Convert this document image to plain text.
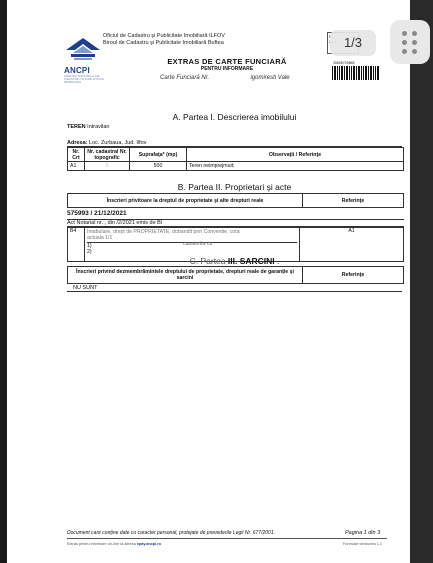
ANCPI
AGENTIA NATIONALA DE CADASTRU SI PUBLICITATE IMOBILIARA
Oficiul de Cadastru şi Publicitate Imobiliară ILFOV
Biroul de Cadastru şi Publicitate Imobiliară Buftea
EXTRAS DE CARTE FUNCIARĂ
PENTRU INFORMARE
Carte Funciară Nr.	igomiresti Vale
30695729565
A. Partea I. Descrierea imobilului
TEREN Intravilan
Adresa: Loc. Zurbaua, Jud. Ilfov
Nr. Crt	Nr. cadastral Nr. topografic	Suprafaţa* (mp)	Observaţii / Referinţe
A1	5	500	Teren neimprejmuit;
B. Partea II. Proprietari şi acte
Înscrieri privitoare la dreptul de proprietate şi alte drepturi reale	Referinţe
575993 / 21/12/2021
Act Notarial nr. , din /2/2021 emis de Bl
B4	Intabulare, drept de PROPRIETATE, dobandit prin Conventie, cota
actuala 1/1
1)
2)
casatorita cu
	A1
C. Partea III. SARCINI .
Înscrieri privind dezmembrămintele dreptului de proprietate, drepturi reale de garanţie şi sarcini	Referinţe
NU SUNT
Document care conţine date cu caracter personal, protejate de prevederile Legii Nr. 677/2001.	Pagina 1 din 3
Extras pentru informare on-line la adresa epay.ancpi.ro	Formular versiunea 1.1
1/3
